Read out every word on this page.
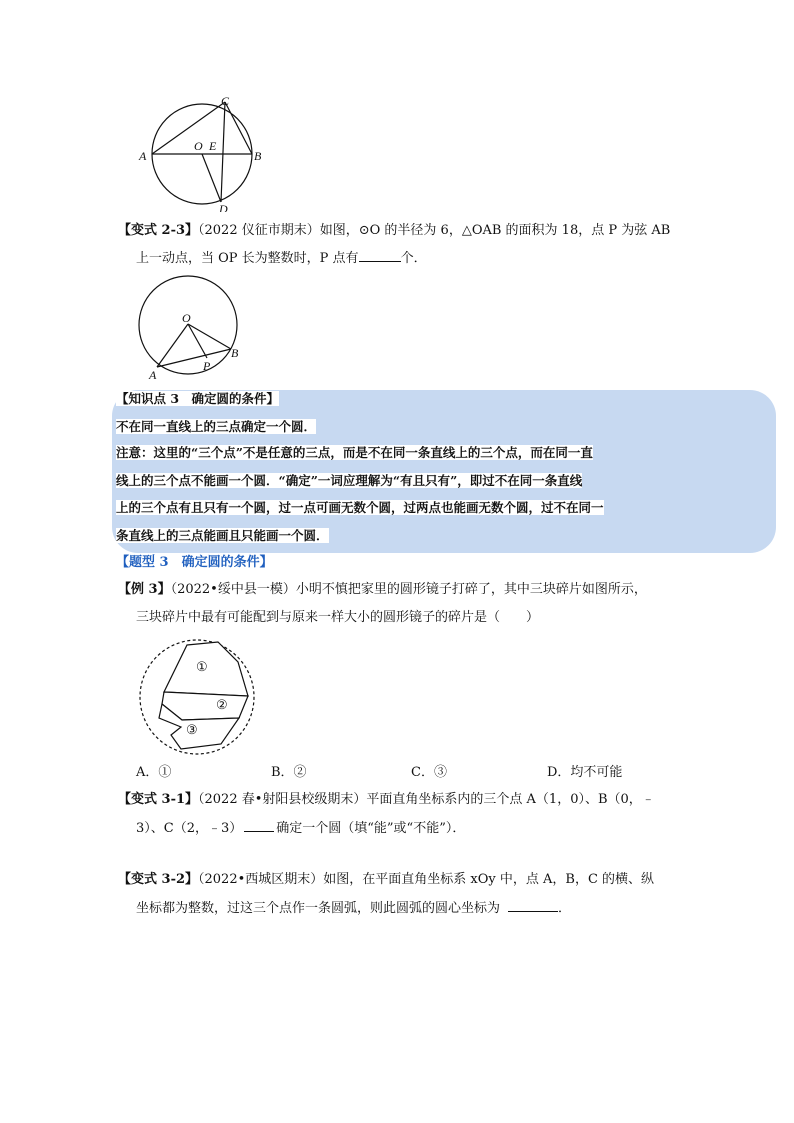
C
A
O E
B
D
【变式 2-3】（2022 仪征市期末）如图，⊙O 的半径为 6，△OAB 的面积为 18，点 P 为弦 AB
上一动点，当 OP 长为整数时，P 点有	个．
O
A
B
P
【知识点 3　确定圆的条件】
不在同一直线上的三点确定一个圆．
注意：这里的“三个点”不是任意的三点，而是不在同一条直线上的三个点，而在同一直
线上的三个点不能画一个圆．“确定”一词应理解为“有且只有”，即过不在同一条直线
上的三个点有且只有一个圆，过一点可画无数个圆，过两点也能画无数个圆，过不在同一
条直线上的三点能画且只能画一个圆．
【题型 3　确定圆的条件】
【例 3】（2022•绥中县一模）小明不慎把家里的圆形镜子打碎了，其中三块碎片如图所示，
三块碎片中最有可能配到与原来一样大小的圆形镜子的碎片是（　　）
①
②
③
A．①	B．②	C．③	D．均不可能
【变式 3-1】（2022 春•射阳县校级期末）平面直角坐标系内的三个点 A（1，0）、B（0，﹣
3）、C（2，﹣3）	确定一个圆（填“能”或“不能”）．
【变式 3-2】（2022•西城区期末）如图，在平面直角坐标系 xOy 中，点 A，B，C 的横、纵
坐标都为整数，过这三个点作一条圆弧，则此圆弧的圆心坐标为	．
